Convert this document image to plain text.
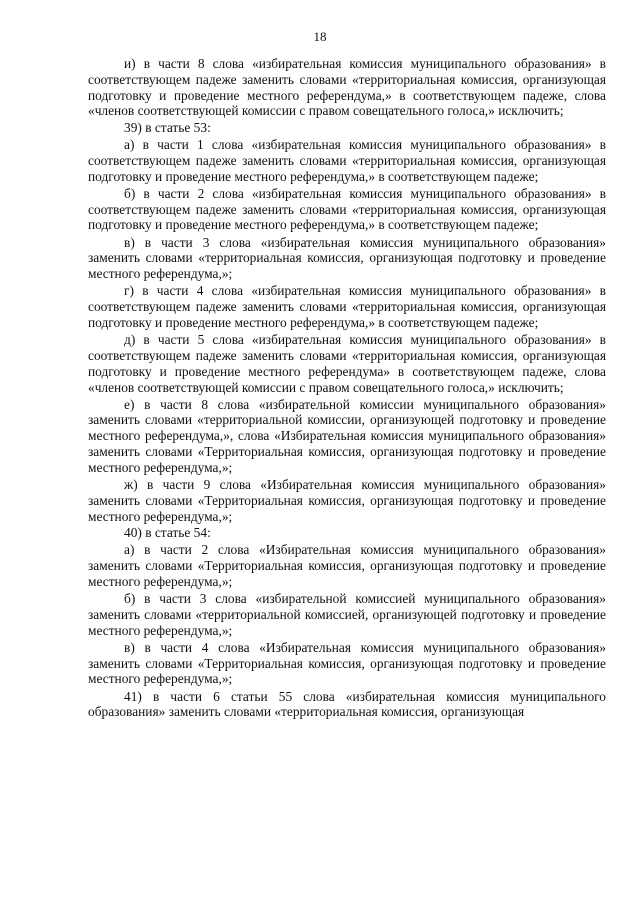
18

и) в части 8 слова «избирательная комиссия муниципального образования» в соответствующем падеже заменить словами «территориальная комиссия, организующая подготовку и проведение местного референдума,» в соответствующем падеже, слова «членов соответствующей комиссии с правом совещательного голоса,» исключить;

39) в статье 53:

а) в части 1 слова «избирательная комиссия муниципального образования» в соответствующем падеже заменить словами «территориальная комиссия, организующая подготовку и проведение местного референдума,» в соответствующем падеже;

б) в части 2 слова «избирательная комиссия муниципального образования» в соответствующем падеже заменить словами «территориальная комиссия, организующая подготовку и проведение местного референдума,» в соответствующем падеже;

в) в части 3 слова «избирательная комиссия муниципального образования» заменить словами «территориальная комиссия, организующая подготовку и проведение местного референдума,»;

г) в части 4 слова «избирательная комиссия муниципального образования» в соответствующем падеже заменить словами «территориальная комиссия, организующая подготовку и проведение местного референдума,» в соответствующем падеже;

д) в части 5 слова «избирательная комиссия муниципального образования» в соответствующем падеже заменить словами «территориальная комиссия, организующая подготовку и проведение местного референдума» в соответствующем падеже, слова «членов соответствующей комиссии с правом совещательного голоса,» исключить;

е) в части 8 слова «избирательной комиссии муниципального образования» заменить словами «территориальной комиссии, организующей подготовку и проведение местного референдума,», слова «Избирательная комиссия муниципального образования» заменить словами «Территориальная комиссия, организующая подготовку и проведение местного референдума,»;

ж) в части 9 слова «Избирательная комиссия муниципального образования» заменить словами «Территориальная комиссия, организующая подготовку и проведение местного референдума,»;

40) в статье 54:

а) в части 2 слова «Избирательная комиссия муниципального образования» заменить словами «Территориальная комиссия, организующая подготовку и проведение местного референдума,»;

б) в части 3 слова «избирательной комиссией муниципального образования» заменить словами «территориальной комиссией, организующей подготовку и проведение местного референдума,»;

в) в части 4 слова «Избирательная комиссия муниципального образования» заменить словами «Территориальная комиссия, организующая подготовку и проведение местного референдума,»;

41) в части 6 статьи 55 слова «избирательная комиссия муниципального образования» заменить словами «территориальная комиссия, организующая
